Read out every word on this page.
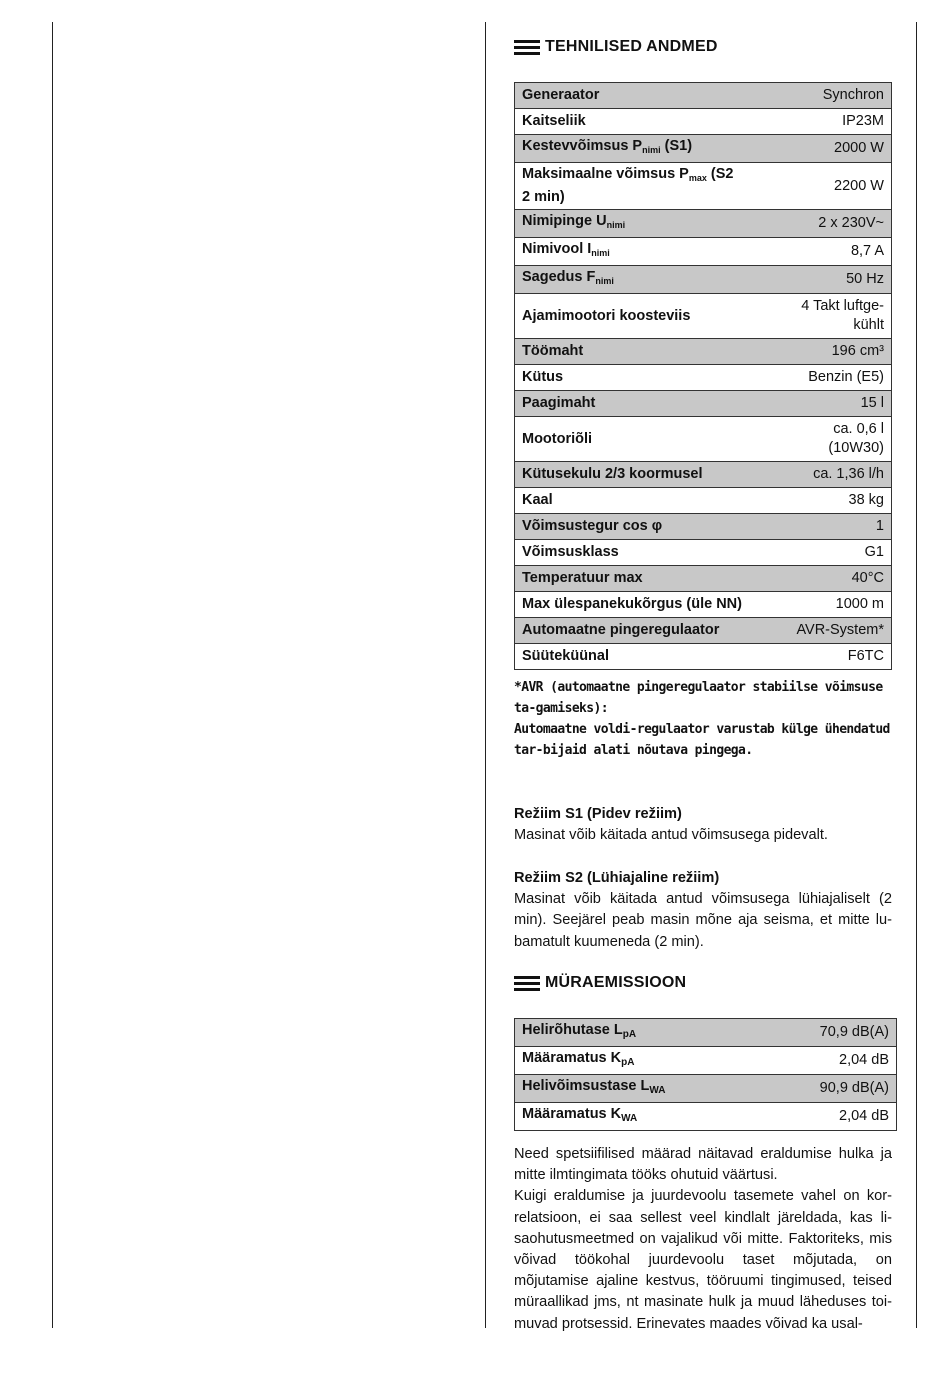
TEHNILISED ANDMED
Generaator	Synchron
Kaitseliik	IP23M
Kestevvõimsus $P_{nimi}$ (S1)	2000 W
Maksimaalne võimsus $P_{max}$ (S2 2 min)	2200 W
Nimipinge $U_{nimi}$	2 x 230V~
Nimivool $I_{nimi}$	8,7 A
Sagedus $F_{nimi}$	50 Hz
Ajamimootori koosteviis	4 Takt luftge-kühlt

Töömaht	196 cm³
Kütus	Benzin (E5)
Paagimaht	15 l
Mootoriõli	ca. 0,6 l (10W30)

Kütusekulu 2/3 koormusel	ca. 1,36 l/h
Kaal	38 kg
Võimsustegur cos φ	1
Võimsusklass	G1
Temperatuur max	40°C
Max ülespanekukõrgus (üle NN)	1000 m
Automaatne pingeregulaator	AVR-System*
Süüteküünal	F6TC
*AVR (automaatne pingeregulaator stabiilse võimsuse ta-gamiseks):
Automaatne voldi-regulaator varustab külge ühendatud tar-bijaid alati nõutava pingega.
Režiim S1 (Pidev režiim)
Masinat võib käitada antud võimsusega pidevalt.
Režiim S2 (Lühiajaline režiim)
Masinat võib käitada antud võimsusega lühiajaliselt (2 min). Seejärel peab masin mõne aja seisma, et mitte lu-bamatult kuumeneda (2 min).
MÜRAEMISSIOON
Helirõhutase $L_{pA}$	70,9 dB(A)
Määramatus $K_{pA}$	2,04 dB
Helivõimsustase $L_{WA}$	90,9 dB(A)
Määramatus $K_{WA}$	2,04 dB
Need spetsiifilised määrad näitavad eraldumise hulka ja mitte ilmtingimata tööks ohutuid väärtusi.
Kuigi eraldumise ja juurdevoolu tasemete vahel on kor-relatsioon, ei saa sellest veel kindlalt järeldada, kas li-saohutusmeetmed on vajalikud või mitte. Faktoriteks, mis võivad töökohal juurdevoolu taset mõjutada, on mõjutamise ajaline kestvus, tööruumi tingimused, teised müraallikad jms, nt masinate hulk ja muud läheduses toi-muvad protsessid. Erinevates maades võivad ka usal-
